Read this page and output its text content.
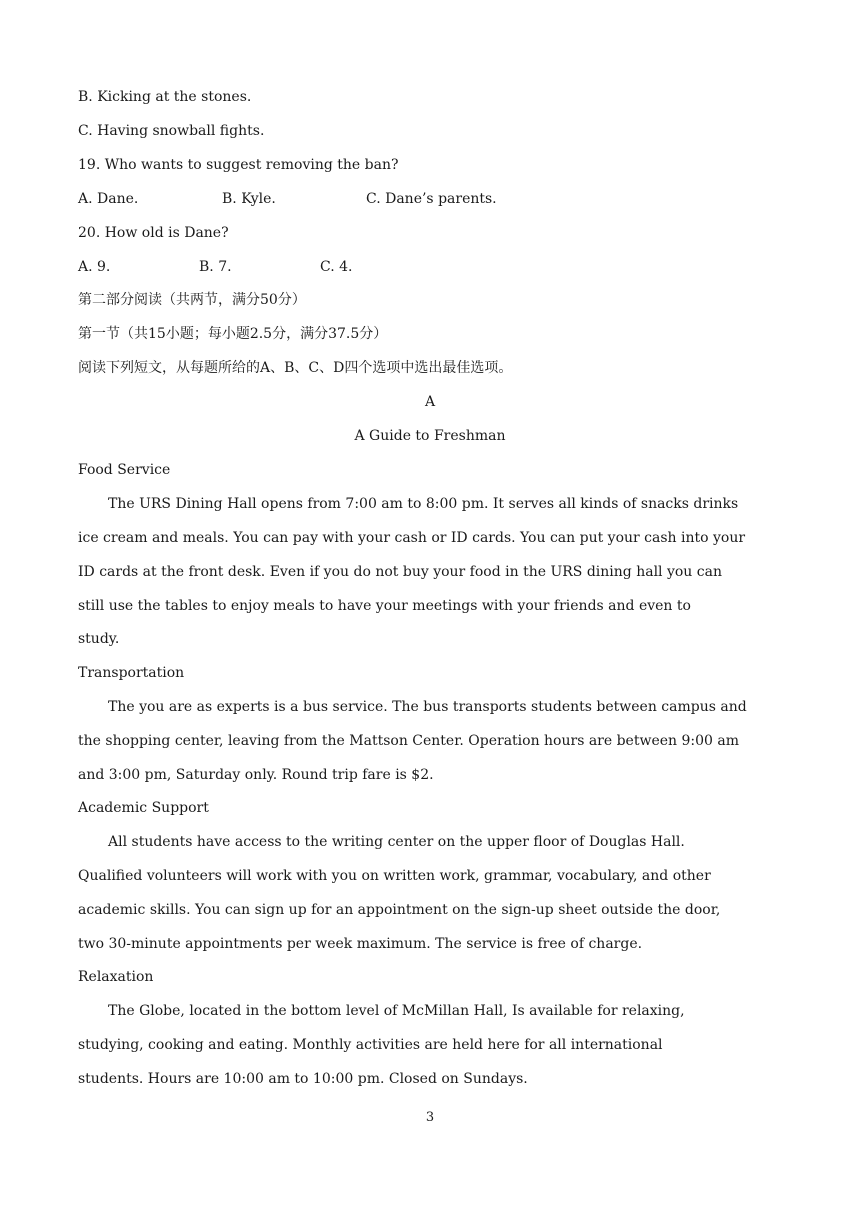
B. Kicking at the stones.
C. Having snowball fights.
19. Who wants to suggest removing the ban?
A. Dane.	B. Kyle.	C. Dane’s parents.
20. How old is Dane?
A. 9.	B. 7.	C. 4.
第二部分阅读（共两节，满分50分）
第一节（共15小题；每小题2.5分，满分37.5分）
阅读下列短文，从每题所给的A、B、C、D四个选项中选出最佳选项。
A
A Guide to Freshman
Food Service
The URS Dining Hall opens from 7:00 am to 8:00 pm. It serves all kinds of snacks drinks
ice cream and meals. You can pay with your cash or ID cards. You can put your cash into your
ID cards at the front desk. Even if you do not buy your food in the URS dining hall you can
still use the tables to enjoy meals to have your meetings with your friends and even to
study.
Transportation
The you are as experts is a bus service. The bus transports students between campus and
the shopping center, leaving from the Mattson Center. Operation hours are between 9:00 am
and 3:00 pm, Saturday only. Round trip fare is $2.
Academic Support
All students have access to the writing center on the upper floor of Douglas Hall.
Qualified volunteers will work with you on written work, grammar, vocabulary, and other
academic skills. You can sign up for an appointment on the sign-up sheet outside the door,
two 30-minute appointments per week maximum. The service is free of charge.
Relaxation
The Globe, located in the bottom level of McMillan Hall, Is available for relaxing,
studying, cooking and eating. Monthly activities are held here for all international
students. Hours are 10:00 am to 10:00 pm. Closed on Sundays.
3
